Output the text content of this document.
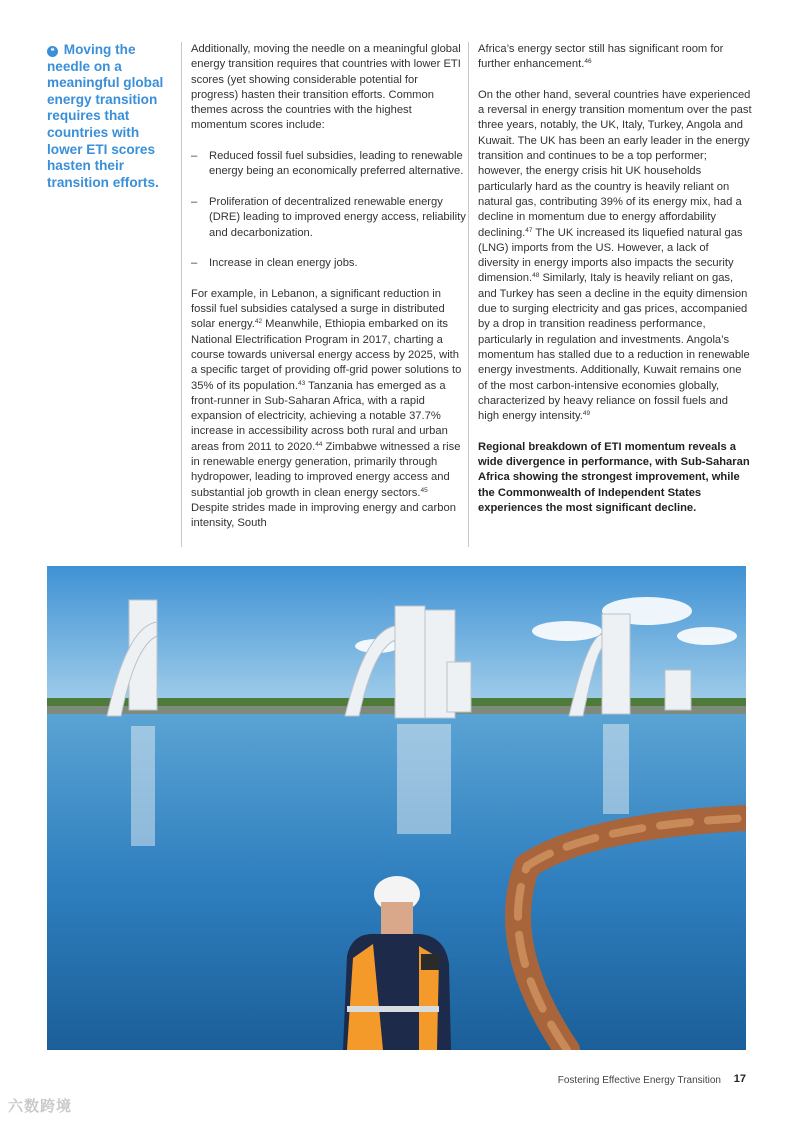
❝ Moving the needle on a meaningful global energy transition requires that countries with lower ETI scores hasten their transition efforts.

Additionally, moving the needle on a meaningful global energy transition requires that countries with lower ETI scores (yet showing considerable potential for progress) hasten their transition efforts. Common themes across the countries with the highest momentum scores include:

– Reduced fossil fuel subsidies, leading to renewable energy being an economically preferred alternative.
– Proliferation of decentralized renewable energy (DRE) leading to improved energy access, reliability and decarbonization.
– Increase in clean energy jobs.

For example, in Lebanon, a significant reduction in fossil fuel subsidies catalysed a surge in distributed solar energy.$^{42}$ Meanwhile, Ethiopia embarked on its National Electrification Program in 2017, charting a course towards universal energy access by 2025, with a specific target of providing off-grid power solutions to 35% of its population.$^{43}$ Tanzania has emerged as a front-runner in Sub-Saharan Africa, with a rapid expansion of electricity, achieving a notable 37.7% increase in accessibility across both rural and urban areas from 2011 to 2020.44 Zimbabwe witnessed a rise in renewable energy generation, primarily through hydropower, leading to improved energy access and substantial job growth in clean energy sectors.$^{45}$ Despite strides made in improving energy and carbon intensity, South

Africa’s energy sector still has significant room for further enhancement.$^{46}$

On the other hand, several countries have experienced a reversal in energy transition momentum over the past three years, notably, the UK, Italy, Turkey, Angola and Kuwait. The UK has been an early leader in the energy transition and continues to be a top performer; however, the energy crisis hit UK households particularly hard as the country is heavily reliant on natural gas, contributing 39% of its energy mix, had a decline in momentum due to energy affordability declining.$^{47}$ The UK increased its liquefied natural gas (LNG) imports from the US. However, a lack of diversity in energy imports also impacts the security dimension.$^{48}$ Similarly, Italy is heavily reliant on gas, and Turkey has seen a decline in the equity dimension due to surging electricity and gas prices, accompanied by a drop in transition readiness performance, particularly in regulation and investments. Angola’s momentum has stalled due to a reduction in renewable energy investments. Additionally, Kuwait remains one of the most carbon-intensive economies globally, characterized by heavy reliance on fossil fuels and high energy intensity.$^{49}$

Regional breakdown of ETI momentum reveals a wide divergence in performance, with Sub-Saharan Africa showing the strongest improvement, while the Commonwealth of Independent States experiences the most significant decline.

Fostering Effective Energy Transition 17
六数跨境
